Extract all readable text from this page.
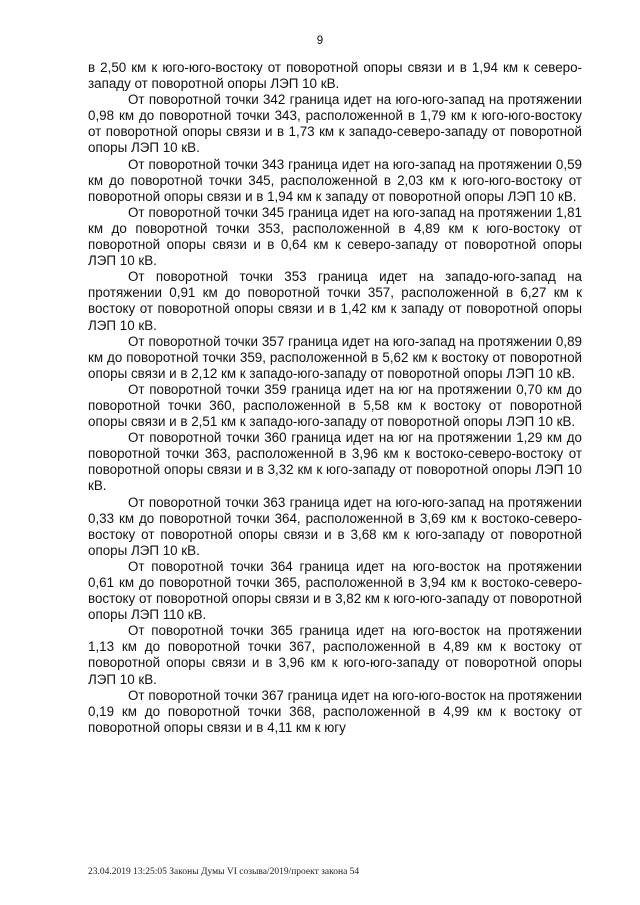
9

в 2,50 км к юго-юго-востоку от поворотной опоры связи и в 1,94 км к северо-западу от поворотной опоры ЛЭП 10 кВ.

От поворотной точки 342 граница идет на юго-юго-запад на протяжении 0,98 км до поворотной точки 343, расположенной в 1,79 км к юго-юго-востоку от поворотной опоры связи и в 1,73 км к западо-северо-западу от поворотной опоры ЛЭП 10 кВ.

От поворотной точки 343 граница идет на юго-запад на протяжении 0,59 км до поворотной точки 345, расположенной в 2,03 км к юго-юго-востоку от поворотной опоры связи и в 1,94 км к западу от поворотной опоры ЛЭП 10 кВ.

От поворотной точки 345 граница идет на юго-запад на протяжении 1,81 км до поворотной точки 353, расположенной в 4,89 км к юго-востоку от поворотной опоры связи и в 0,64 км к северо-западу от поворотной опоры ЛЭП 10 кВ.

От поворотной точки 353 граница идет на западо-юго-запад на протяжении 0,91 км до поворотной точки 357, расположенной в 6,27 км к востоку от поворотной опоры связи и в 1,42 км к западу от поворотной опоры ЛЭП 10 кВ.

От поворотной точки 357 граница идет на юго-запад на протяжении 0,89 км до поворотной точки 359, расположенной в 5,62 км к востоку от поворотной опоры связи и в 2,12 км к западо-юго-западу от поворотной опоры ЛЭП 10 кВ.

От поворотной точки 359 граница идет на юг на протяжении 0,70 км до поворотной точки 360, расположенной в 5,58 км к востоку от поворотной опоры связи и в 2,51 км к западо-юго-западу от поворотной опоры ЛЭП 10 кВ.

От поворотной точки 360 граница идет на юг на протяжении 1,29 км до поворотной точки 363, расположенной в 3,96 км к востоко-северо-востоку от поворотной опоры связи и в 3,32 км к юго-западу от поворотной опоры ЛЭП 10 кВ.

От поворотной точки 363 граница идет на юго-юго-запад на протяжении 0,33 км до поворотной точки 364, расположенной в 3,69 км к востоко-северо-востоку от поворотной опоры связи и в 3,68 км к юго-западу от поворотной опоры ЛЭП 10 кВ.

От поворотной точки 364 граница идет на юго-восток на протяжении 0,61 км до поворотной точки 365, расположенной в 3,94 км к востоко-северо-востоку от поворотной опоры связи и в 3,82 км к юго-юго-западу от поворотной опоры ЛЭП 110 кВ.

От поворотной точки 365 граница идет на юго-восток на протяжении 1,13 км до поворотной точки 367, расположенной в 4,89 км к востоку от поворотной опоры связи и в 3,96 км к юго-юго-западу от поворотной опоры ЛЭП 10 кВ.

От поворотной точки 367 граница идет на юго-юго-восток на протяжении 0,19 км до поворотной точки 368, расположенной в 4,99 км к востоку от поворотной опоры связи и в 4,11 км к югу

23.04.2019 13:25:05 Законы Думы VI созыва/2019/проект закона 54
